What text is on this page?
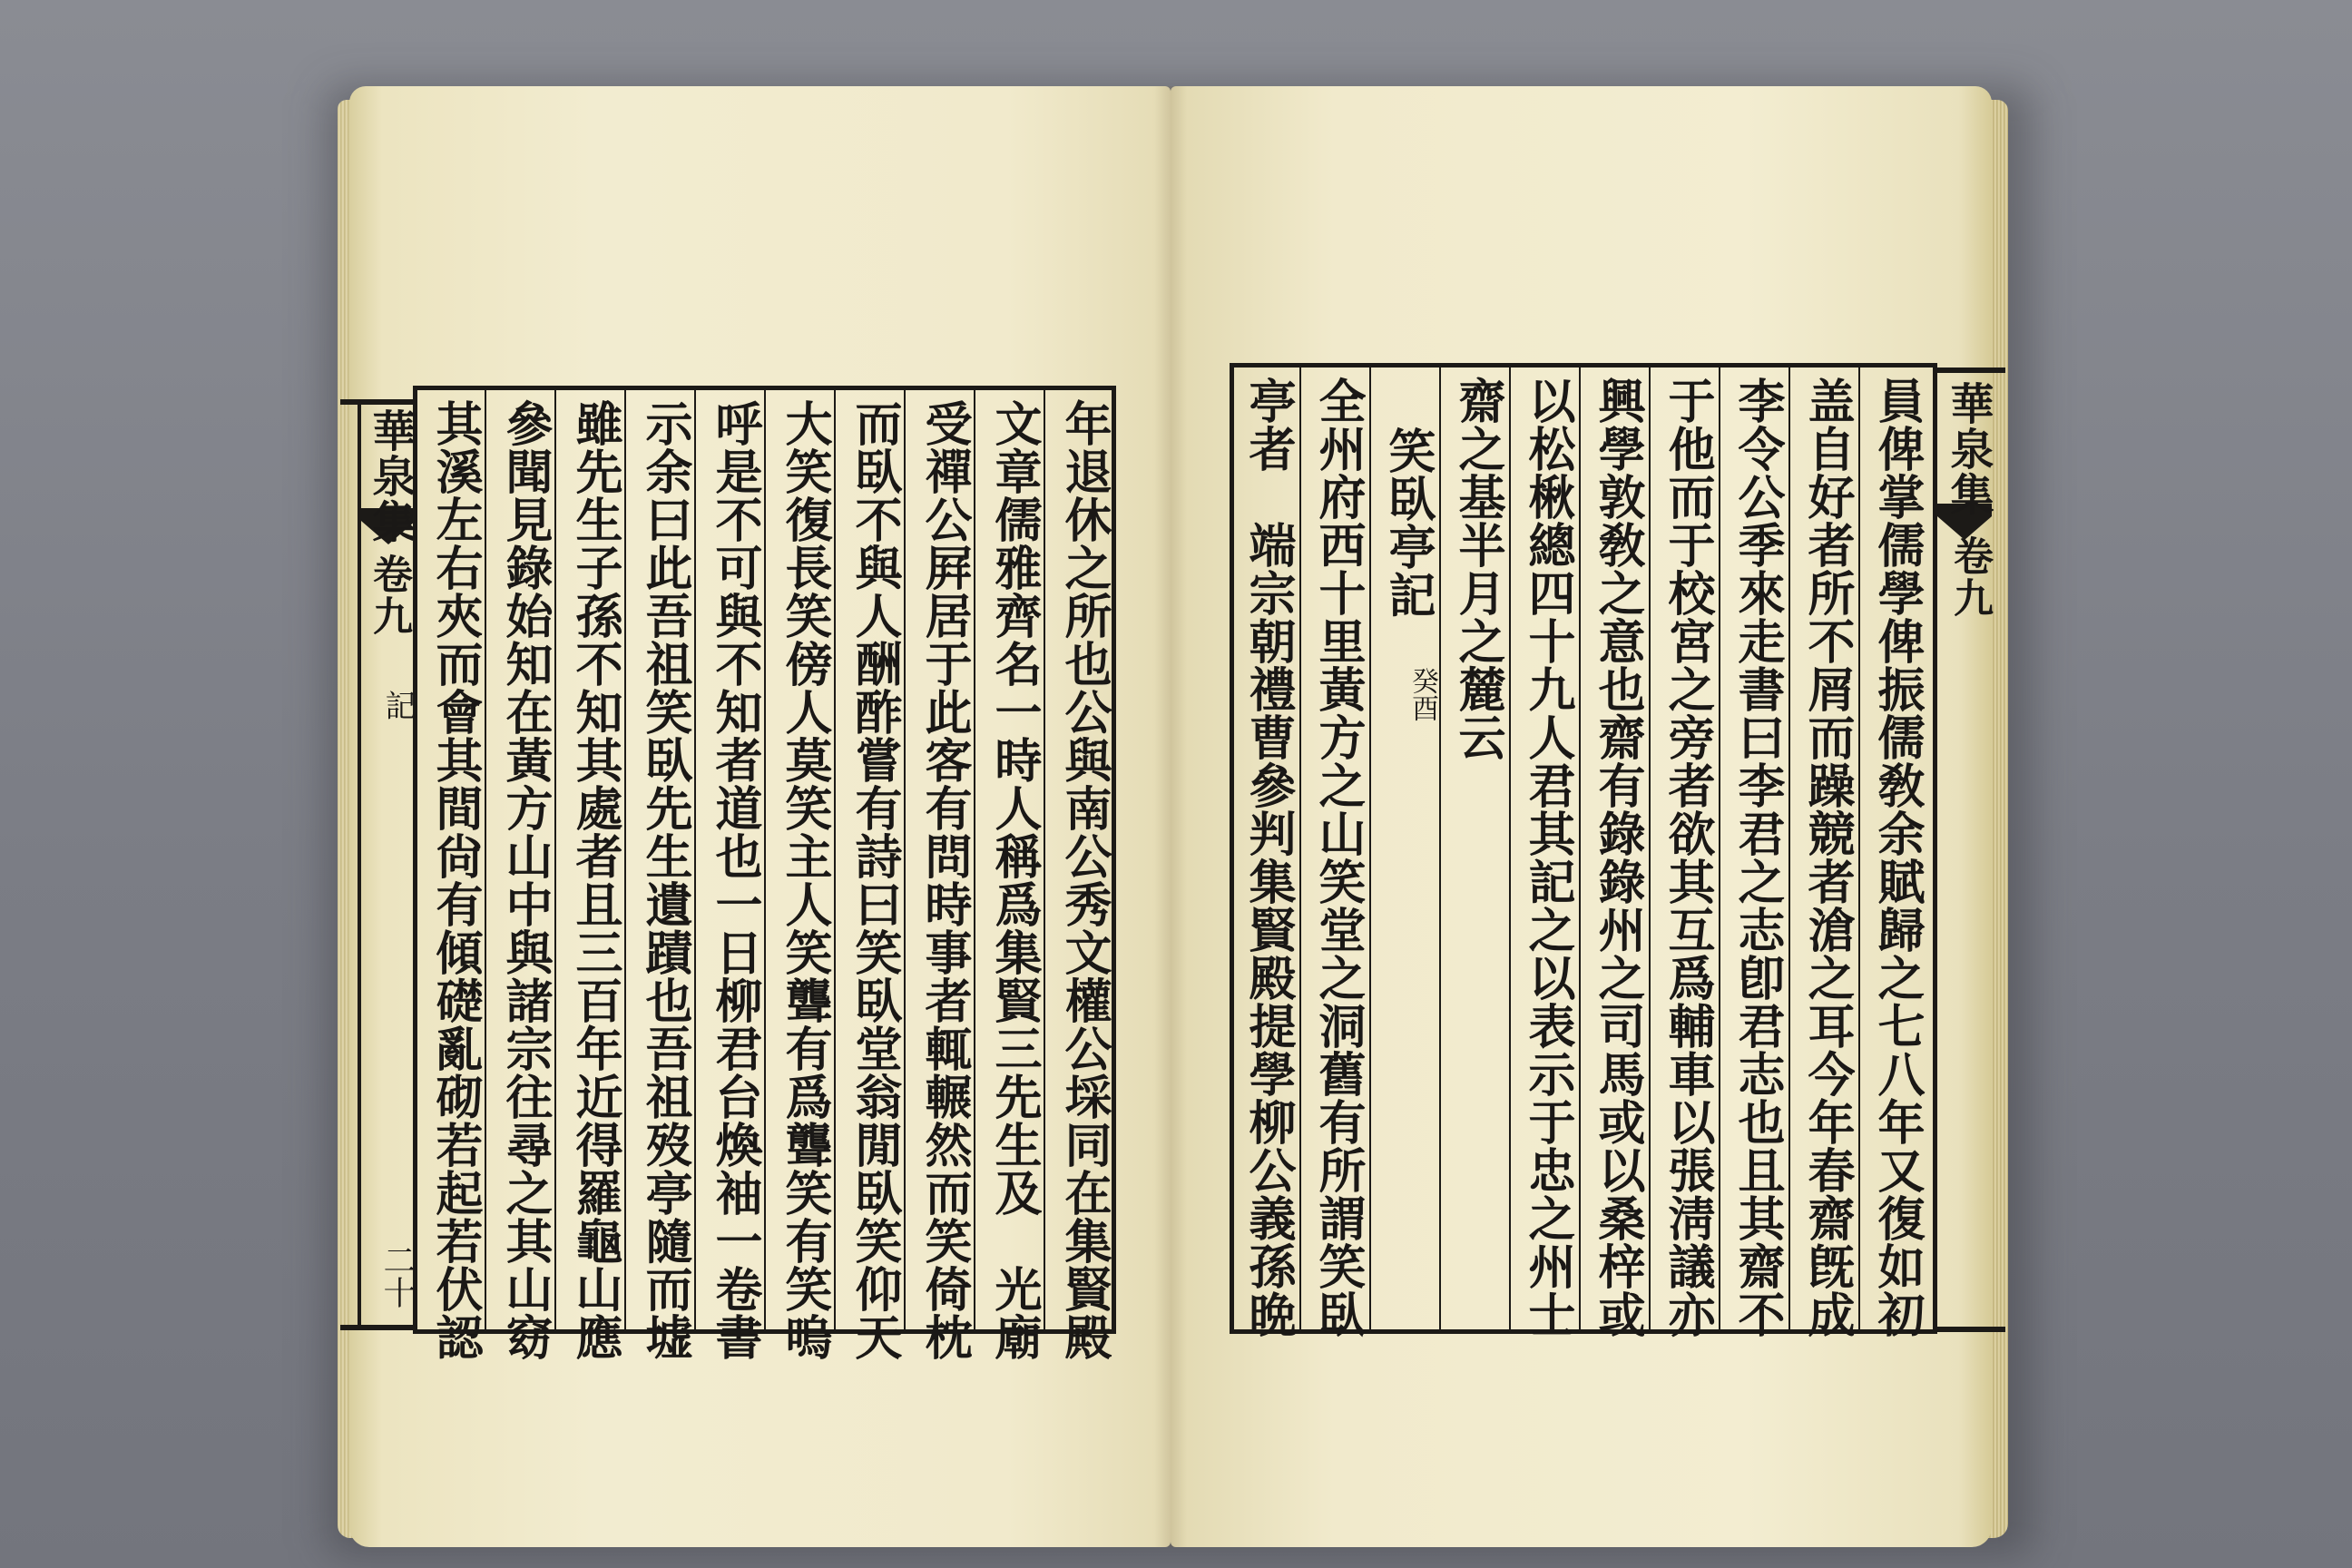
華泉集
卷九
記
二十	年退休之所也公與南公秀文權公埰同在集賢殿
文章儒雅齊名一時人稱爲集賢三先生及　光廟
受禪公屛居于此客有問時事者輒輾然而笑倚枕
而臥不與人酬酢嘗有詩曰笑臥堂翁閒臥笑仰天
大笑復長笑傍人莫笑主人笑聾有爲聾笑有笑嗚
呼是不可與不知者道也一日柳君台煥袖一卷書
示余曰此吾祖笑臥先生遺蹟也吾祖歿亭隨而墟
雖先生子孫不知其處者且三百年近得羅龜山應
參聞見錄始知在黃方山中與諸宗往尋之其山窈
其溪左右夾而會其間尙有傾礎亂砌若起若伏認	華泉集
卷九
員俾掌儒學俾振儒敎余賦歸之七八年又復如初
盖自好者所不屑而躁競者滄之耳今年春齋旣成
李令公季來走書曰李君之志卽君志也且其齋不
于他而于校宮之旁者欲其互爲輔車以張淸議亦
興學敦敎之意也齋有錄錄州之司馬或以桑梓或
以松楸總四十九人君其記之以表示于忠之州士
齋之基半月之麓云
笑臥亭記
癸酉
全州府西十里黃方之山笑堂之洞舊有所謂笑臥
亭者　端宗朝禮曹參判集賢殿提學柳公義孫晩
